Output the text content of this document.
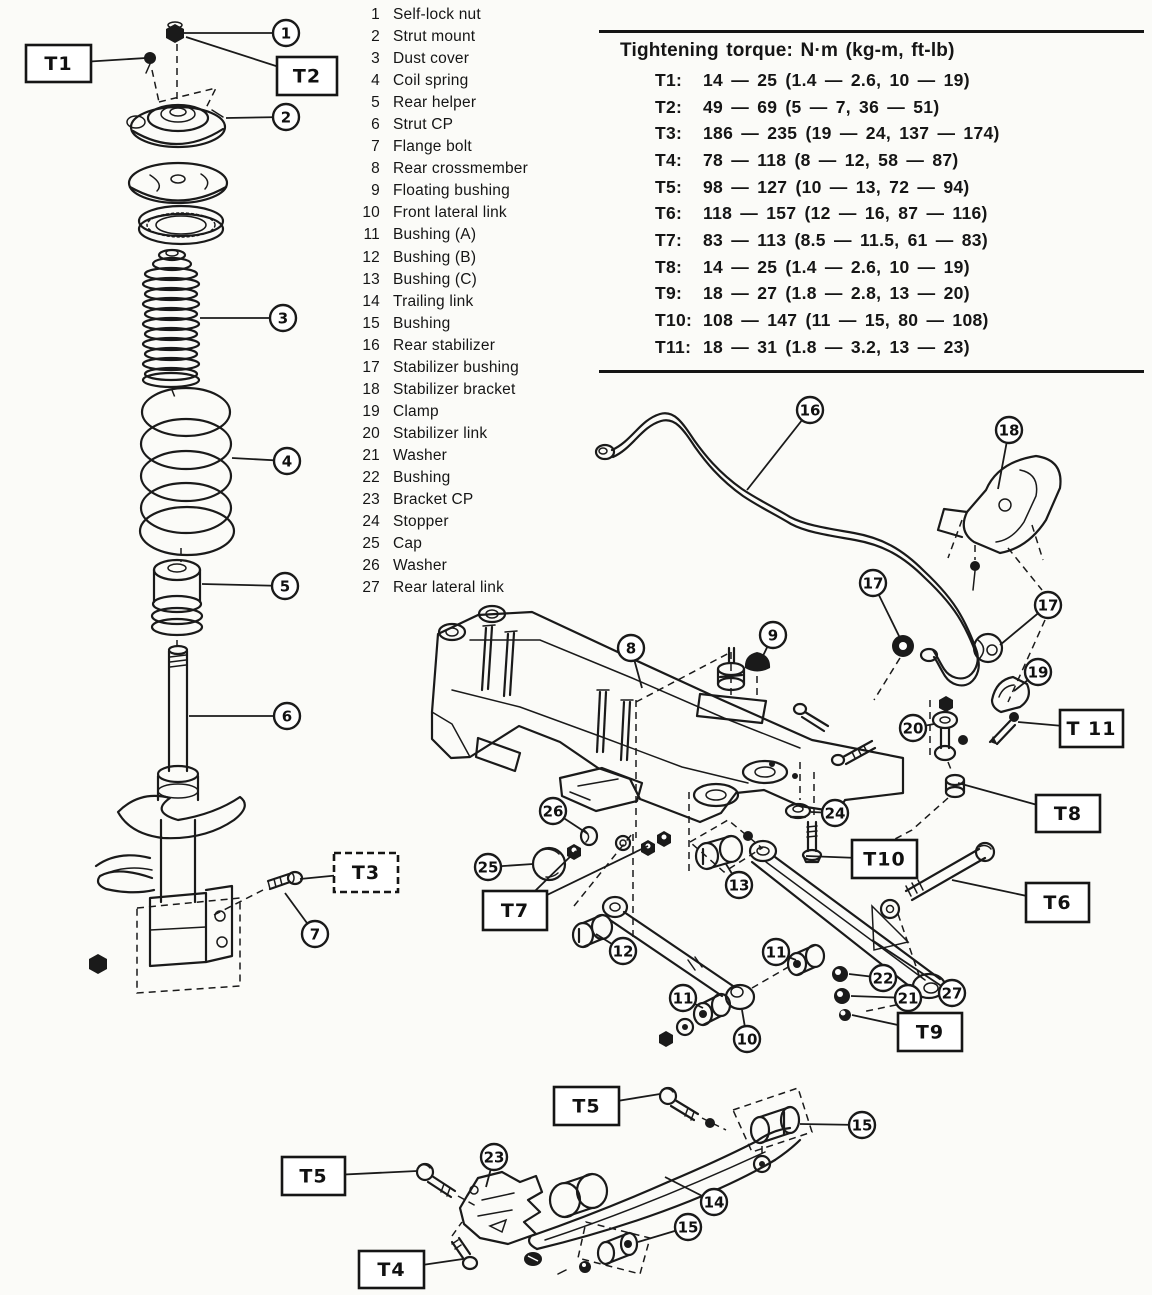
1
2
3
4
5
6
7
8
9
16
18
17
17
19
20
24
26
25
13
12
11
10
11
22
21 27
15
14
15
23
T1
T2
T3
T7
T10
T6
T9
T 11
T8
T5
T5
T4
1 Self-lock nut
2 Strut mount
3 Dust cover
4 Coil spring
5 Rear helper
6 Strut CP
7 Flange bolt
8 Rear crossmember
9 Floating bushing
10 Front lateral link
11 Bushing (A)
12 Bushing (B)
13 Bushing (C)
14 Trailing link
15 Bushing
16 Rear stabilizer
17 Stabilizer bushing
18 Stabilizer bracket
19 Clamp
20 Stabilizer link
21 Washer
22 Bushing
23 Bracket CP
24 Stopper
25 Cap
26 Washer
27 Rear lateral link
Tightening torque: N·m (kg-m, ft-lb)
T1:	14 — 25 (1.4 — 2.6, 10 — 19)
T2:	49 — 69 (5 — 7, 36 — 51)
T3:	186 — 235 (19 — 24, 137 — 174)
T4:	78 — 118 (8 — 12, 58 — 87)
T5:	98 — 127 (10 — 13, 72 — 94)
T6:	118 — 157 (12 — 16, 87 — 116)
T7:	83 — 113 (8.5 — 11.5, 61 — 83)
T8:	14 — 25 (1.4 — 2.6, 10 — 19)
T9:	18 — 27 (1.8 — 2.8, 13 — 20)
T10: 108 — 147 (11 — 15, 80 — 108)
T11: 18 — 31 (1.8 — 3.2, 13 — 23)
